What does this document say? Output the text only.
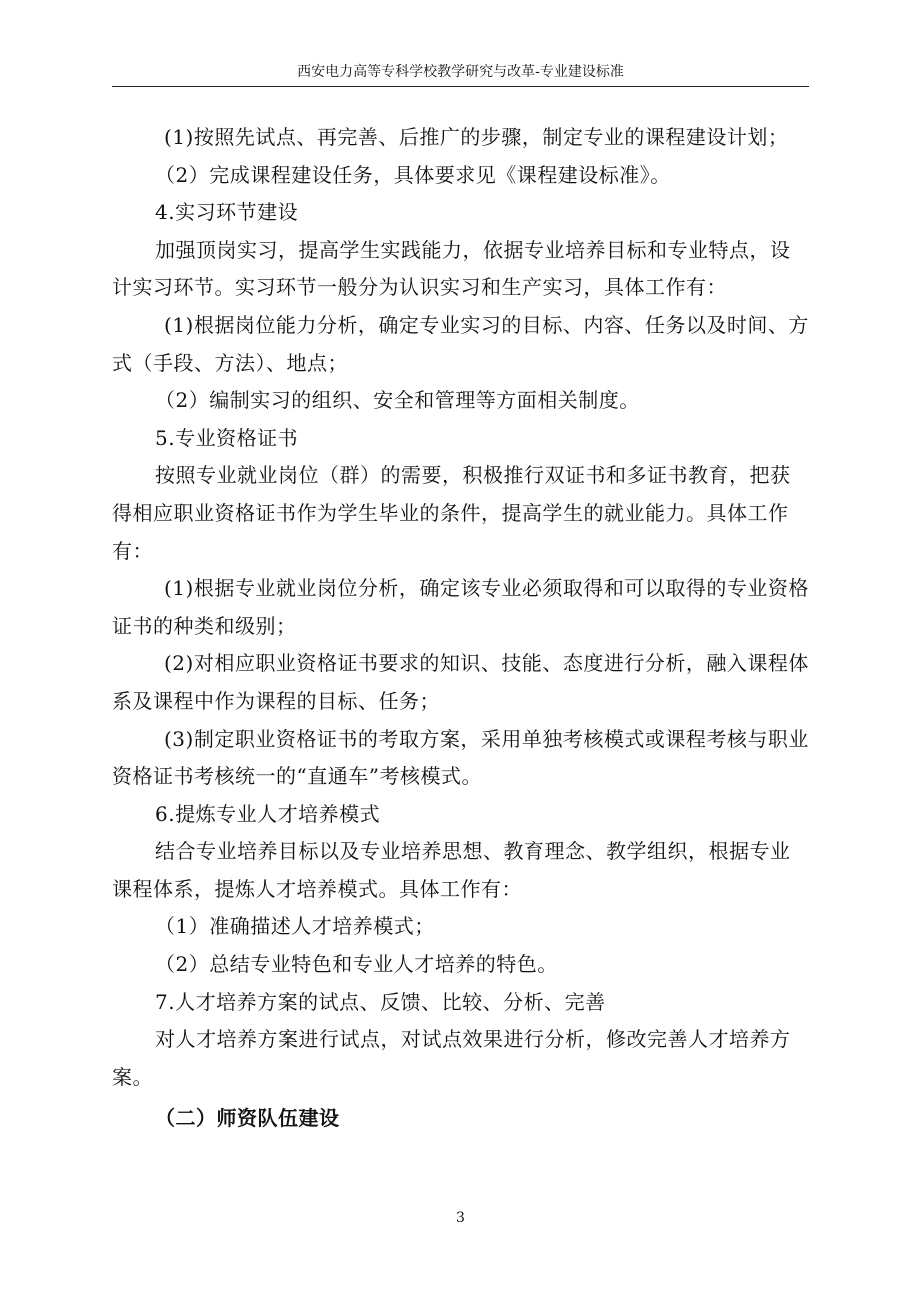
西安电力高等专科学校教学研究与改革-专业建设标准

(1)按照先试点、再完善、后推广的步骤，制定专业的课程建设计划；

（2）完成课程建设任务，具体要求见《课程建设标准》。

4.实习环节建设

加强顶岗实习，提高学生实践能力，依据专业培养目标和专业特点，设计实习环节。实习环节一般分为认识实习和生产实习，具体工作有：

(1)根据岗位能力分析，确定专业实习的目标、内容、任务以及时间、方式（手段、方法）、地点；

（2）编制实习的组织、安全和管理等方面相关制度。

5.专业资格证书

按照专业就业岗位（群）的需要，积极推行双证书和多证书教育，把获得相应职业资格证书作为学生毕业的条件，提高学生的就业能力。具体工作有：

(1)根据专业就业岗位分析，确定该专业必须取得和可以取得的专业资格证书的种类和级别；

(2)对相应职业资格证书要求的知识、技能、态度进行分析，融入课程体系及课程中作为课程的目标、任务；

(3)制定职业资格证书的考取方案，采用单独考核模式或课程考核与职业资格证书考核统一的“直通车”考核模式。

6.提炼专业人才培养模式

结合专业培养目标以及专业培养思想、教育理念、教学组织，根据专业课程体系，提炼人才培养模式。具体工作有：

（1）准确描述人才培养模式；

（2）总结专业特色和专业人才培养的特色。

7.人才培养方案的试点、反馈、比较、分析、完善

对人才培养方案进行试点，对试点效果进行分析，修改完善人才培养方案。

（二）师资队伍建设

3
